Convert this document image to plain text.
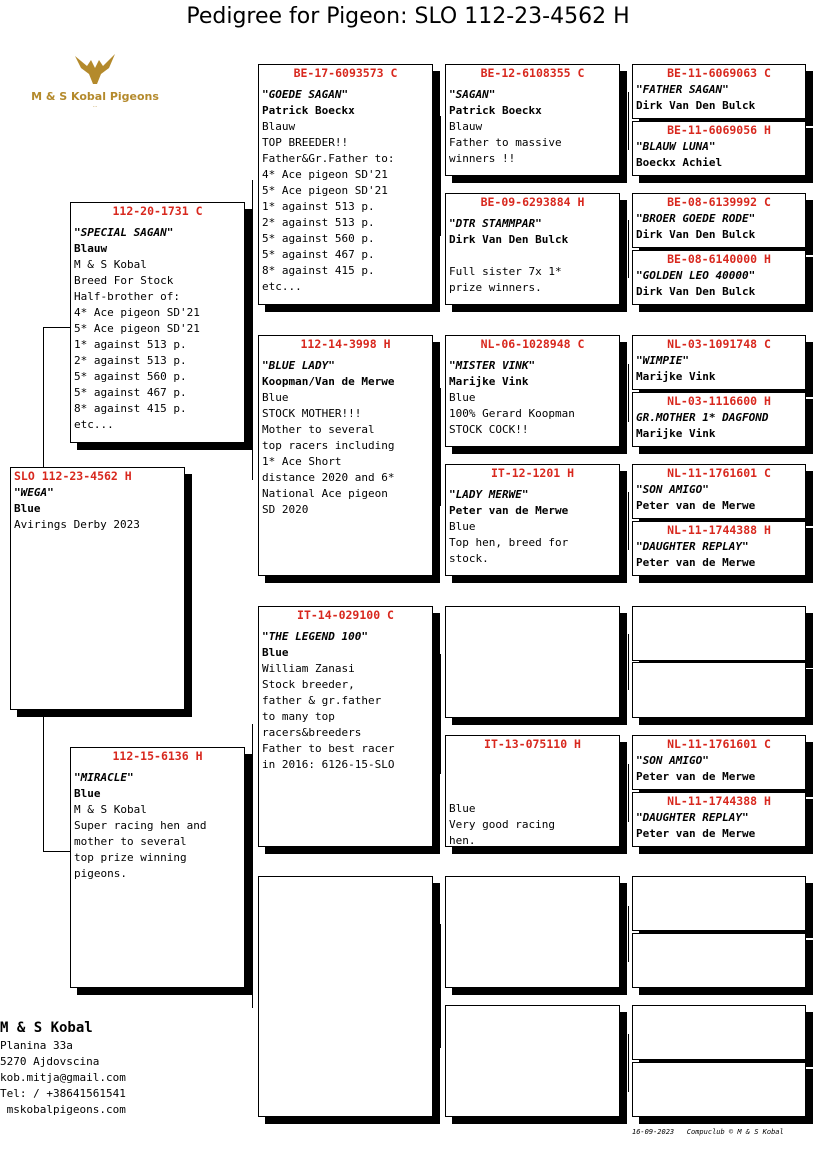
Pedigree for Pigeon: SLO 112-23-4562 H
M & S Kobal Pigeons
...
SLO 112-23-4562 H
"WEGA"
Blue
Avirings Derby 2023
112-20-1731 C
"SPECIAL SAGAN"
Blauw
M & S Kobal
Breed For Stock
Half-brother of:
4* Ace pigeon SD'21
5* Ace pigeon SD'21
1* against 513 p.
2* against 513 p.
5* against 560 p.
5* against 467 p.
8* against 415 p.
etc...
112-15-6136 H
"MIRACLE"
Blue
M & S Kobal
Super racing hen and
mother to several
top prize winning
pigeons.
BE-17-6093573 C
"GOEDE SAGAN"
Patrick Boeckx
Blauw
TOP BREEDER!!
Father&Gr.Father to:
4* Ace pigeon SD'21
5* Ace pigeon SD'21
1* against 513 p.
2* against 513 p.
5* against 560 p.
5* against 467 p.
8* against 415 p.
etc...
112-14-3998 H
"BLUE LADY"
Koopman/Van de Merwe
Blue
STOCK MOTHER!!!
Mother to several
top racers including
1* Ace Short
distance 2020 and 6*
National Ace pigeon
SD 2020
IT-14-029100 C
"THE LEGEND 100"
Blue
William Zanasi
Stock breeder,
father & gr.father
to many top
racers&breeders
Father to best racer
in 2016: 6126-15-SLO
BE-12-6108355 C
"SAGAN"
Patrick Boeckx
Blauw
Father to massive
winners !!
BE-09-6293884 H
"DTR STAMMPAR"
Dirk Van Den Bulck
Full sister 7x 1*
prize winners.
NL-06-1028948 C
"MISTER VINK"
Marijke Vink
Blue
100% Gerard Koopman
STOCK COCK!!
IT-12-1201 H
"LADY MERWE"
Peter van de Merwe
Blue
Top hen, breed for
stock.
IT-13-075110 H
Blue
Very good racing
hen.
BE-11-6069063 C
"FATHER SAGAN"
Dirk Van Den Bulck
BE-11-6069056 H
"BLAUW LUNA"
Boeckx Achiel
BE-08-6139992 C
"BROER GOEDE RODE"
Dirk Van Den Bulck
BE-08-6140000 H
"GOLDEN LEO 40000"
Dirk Van Den Bulck
NL-03-1091748 C
"WIMPIE"
Marijke Vink
NL-03-1116600 H
GR.MOTHER 1* DAGFOND
Marijke Vink
NL-11-1761601 C
"SON AMIGO"
Peter van de Merwe
NL-11-1744388 H
"DAUGHTER REPLAY"
Peter van de Merwe
NL-11-1761601 C
"SON AMIGO"
Peter van de Merwe
NL-11-1744388 H
"DAUGHTER REPLAY"
Peter van de Merwe
M & S Kobal
Planina 33a
5270 Ajdovscina
kob.mitja@gmail.com
Tel: / +38641561541
mskobalpigeons.com
16-09-2023   Compuclub © M & S Kobal
